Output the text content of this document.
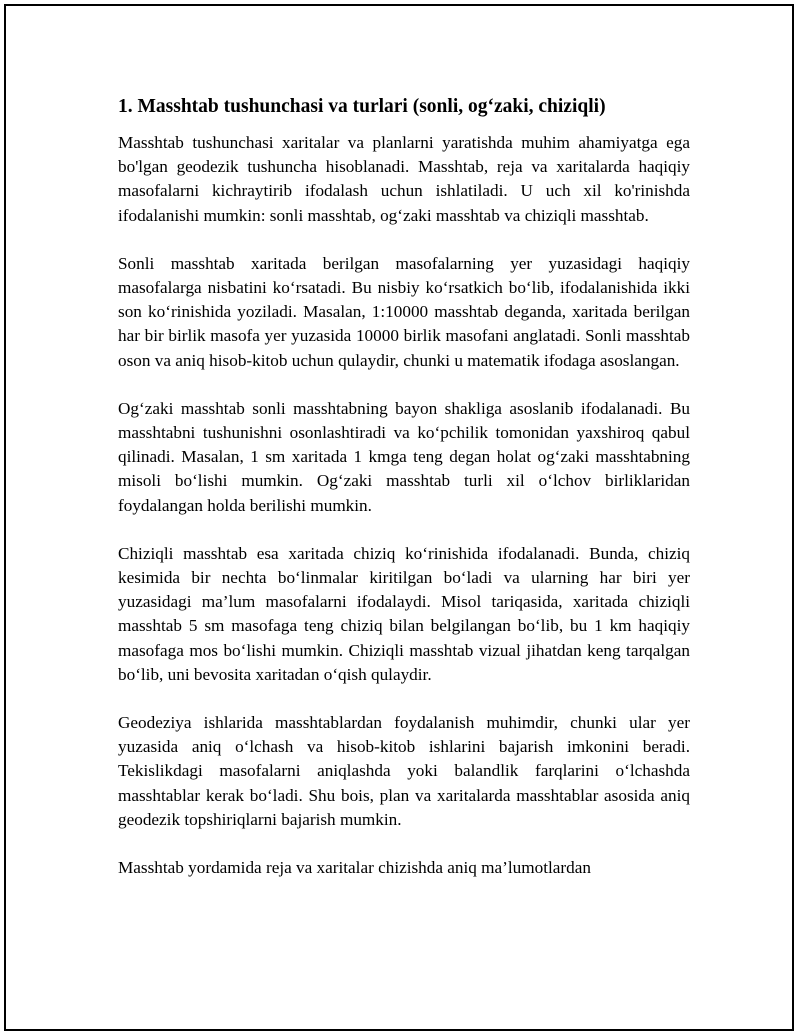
1. Masshtab tushunchasi va turlari (sonli, og‘zaki, chiziqli)

Masshtab tushunchasi xaritalar va planlarni yaratishda muhim ahamiyatga ega bo'lgan geodezik tushuncha hisoblanadi. Masshtab, reja va xaritalarda haqiqiy masofalarni kichraytirib ifodalash uchun ishlatiladi. U uch xil ko'rinishda ifodalanishi mumkin: sonli masshtab, og‘zaki masshtab va chiziqli masshtab.

Sonli masshtab xaritada berilgan masofalarning yer yuzasidagi haqiqiy masofalarga nisbatini ko‘rsatadi. Bu nisbiy ko‘rsatkich bo‘lib, ifodalanishida ikki son ko‘rinishida yoziladi. Masalan, 1:10000 masshtab deganda, xaritada berilgan har bir birlik masofa yer yuzasida 10000 birlik masofani anglatadi. Sonli masshtab oson va aniq hisob-kitob uchun qulaydir, chunki u matematik ifodaga asoslangan.

Og‘zaki masshtab sonli masshtabning bayon shakliga asoslanib ifodalanadi. Bu masshtabni tushunishni osonlashtiradi va ko‘pchilik tomonidan yaxshiroq qabul qilinadi. Masalan, 1 sm xaritada 1 kmga teng degan holat og‘zaki masshtabning misoli bo‘lishi mumkin. Og‘zaki masshtab turli xil o‘lchov birliklaridan foydalangan holda berilishi mumkin.

Chiziqli masshtab esa xaritada chiziq ko‘rinishida ifodalanadi. Bunda, chiziq kesimida bir nechta bo‘linmalar kiritilgan bo‘ladi va ularning har biri yer yuzasidagi ma’lum masofalarni ifodalaydi. Misol tariqasida, xaritada chiziqli masshtab 5 sm masofaga teng chiziq bilan belgilangan bo‘lib, bu 1 km haqiqiy masofaga mos bo‘lishi mumkin. Chiziqli masshtab vizual jihatdan keng tarqalgan bo‘lib, uni bevosita xaritadan o‘qish qulaydir.

Geodeziya ishlarida masshtablardan foydalanish muhimdir, chunki ular yer yuzasida aniq o‘lchash va hisob-kitob ishlarini bajarish imkonini beradi. Tekislikdagi masofalarni aniqlashda yoki balandlik farqlarini o‘lchashda masshtablar kerak bo‘ladi. Shu bois, plan va xaritalarda masshtablar asosida aniq geodezik topshiriqlarni bajarish mumkin.

Masshtab yordamida reja va xaritalar chizishda aniq ma’lumotlardan
